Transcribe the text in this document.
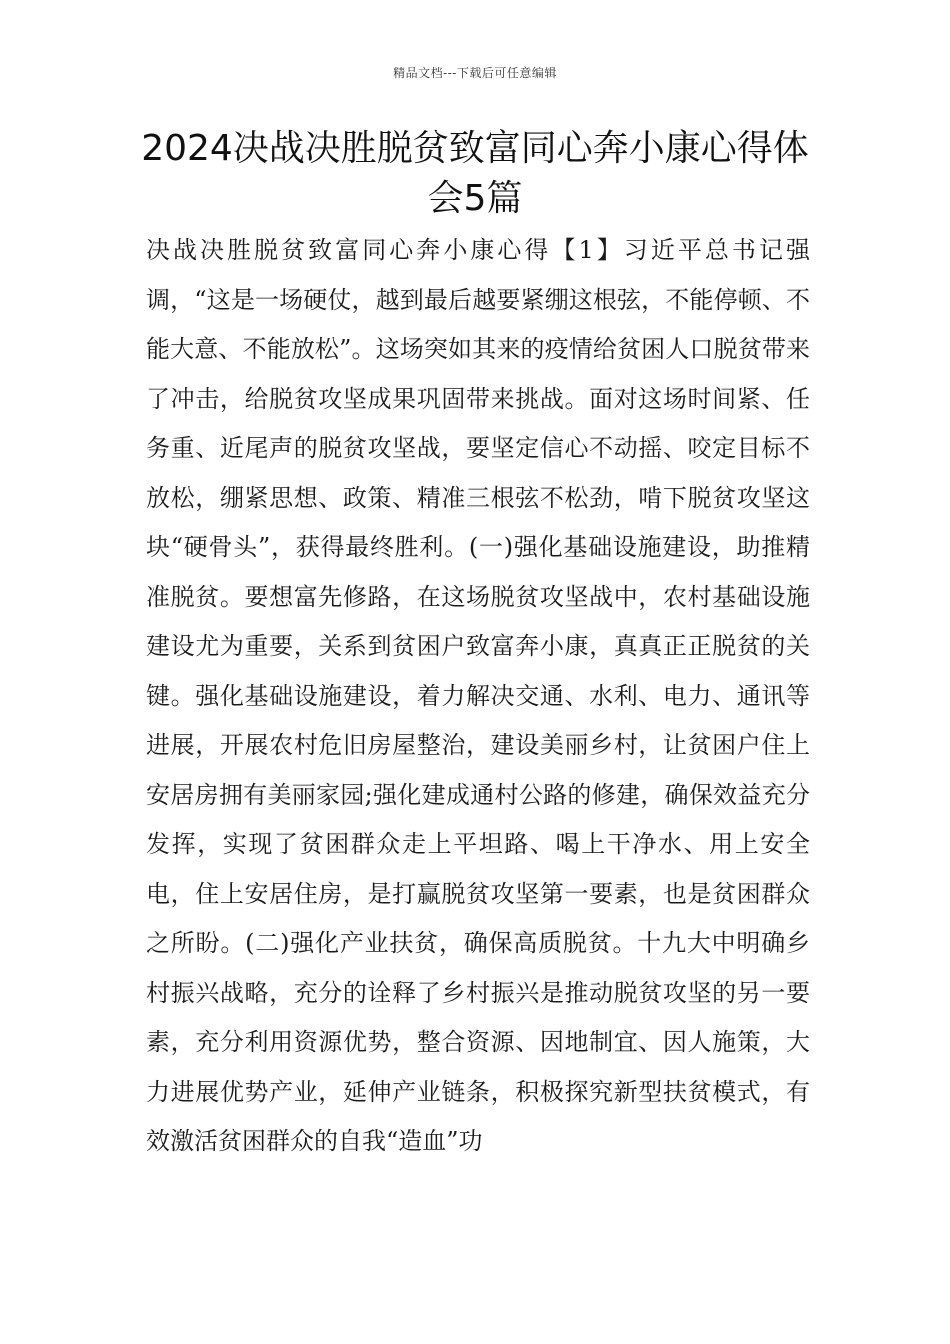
精品文档---下载后可任意编辑
2024决战决胜脱贫致富同心奔小康心得体会5篇

决战决胜脱贫致富同心奔小康心得【1】习近平总书记强调，“这是一场硬仗，越到最后越要紧绷这根弦，不能停顿、不能大意、不能放松”。这场突如其来的疫情给贫困人口脱贫带来了冲击，给脱贫攻坚成果巩固带来挑战。面对这场时间紧、任务重、近尾声的脱贫攻坚战，要坚定信心不动摇、咬定目标不放松，绷紧思想、政策、精准三根弦不松劲，啃下脱贫攻坚这块“硬骨头”，获得最终胜利。(一)强化基础设施建设，助推精准脱贫。要想富先修路，在这场脱贫攻坚战中，农村基础设施建设尤为重要，关系到贫困户致富奔小康，真真正正脱贫的关键。强化基础设施建设，着力解决交通、水利、电力、通讯等进展，开展农村危旧房屋整治，建设美丽乡村，让贫困户住上安居房拥有美丽家园;强化建成通村公路的修建，确保效益充分发挥，实现了贫困群众走上平坦路、喝上干净水、用上安全电，住上安居住房，是打赢脱贫攻坚第一要素，也是贫困群众之所盼。(二)强化产业扶贫，确保高质脱贫。十九大中明确乡村振兴战略，充分的诠释了乡村振兴是推动脱贫攻坚的另一要素，充分利用资源优势，整合资源、因地制宜、因人施策，大力进展优势产业，延伸产业链条，积极探究新型扶贫模式，有效激活贫困群众的自我“造血”功
